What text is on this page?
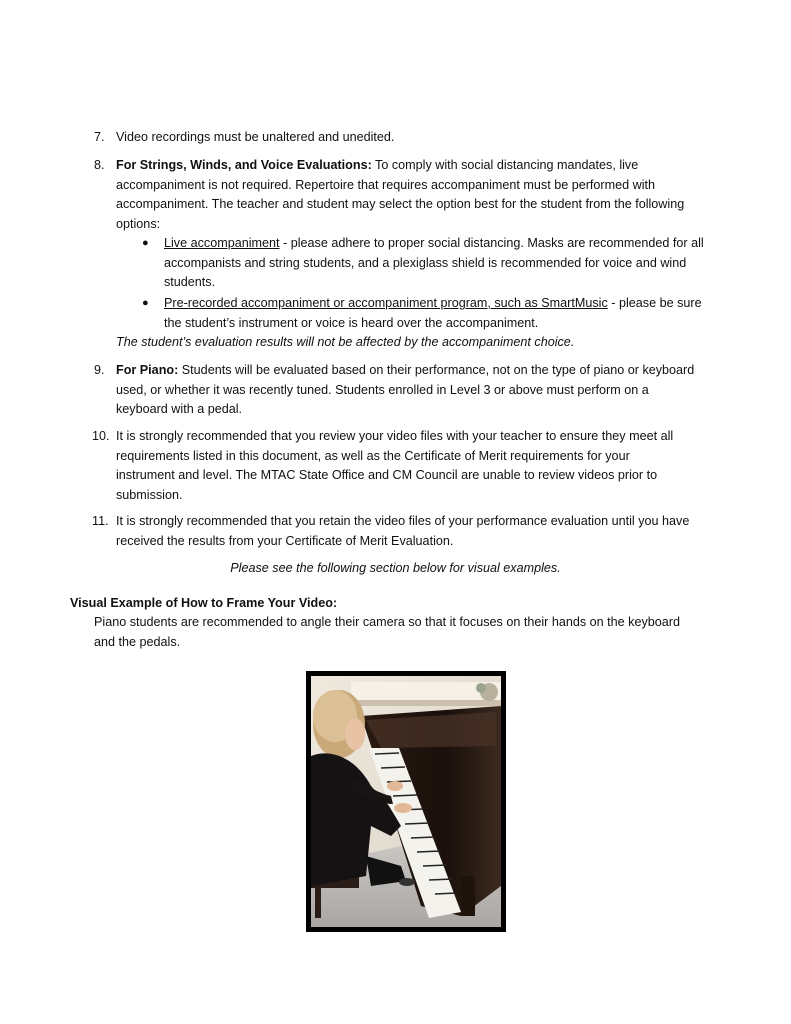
7. Video recordings must be unaltered and unedited.
8. For Strings, Winds, and Voice Evaluations: To comply with social distancing mandates, live
accompaniment is not required. Repertoire that requires accompaniment must be performed with
accompaniment. The teacher and student may select the option best for the student from the following
options:
● Live accompaniment - please adhere to proper social distancing. Masks are recommended for all
accompanists and string students, and a plexiglass shield is recommended for voice and wind
students.
● Pre-recorded accompaniment or accompaniment program, such as SmartMusic - please be sure
the student’s instrument or voice is heard over the accompaniment.
The student’s evaluation results will not be affected by the accompaniment choice.
9. For Piano: Students will be evaluated based on their performance, not on the type of piano or keyboard
used, or whether it was recently tuned. Students enrolled in Level 3 or above must perform on a
keyboard with a pedal.
10. It is strongly recommended that you review your video files with your teacher to ensure they meet all
requirements listed in this document, as well as the Certificate of Merit requirements for your
instrument and level. The MTAC State Office and CM Council are unable to review videos prior to
submission.
11. It is strongly recommended that you retain the video files of your performance evaluation until you have
received the results from your Certificate of Merit Evaluation.
Please see the following section below for visual examples.
Visual Example of How to Frame Your Video:
Piano students are recommended to angle their camera so that it focuses on their hands on the keyboard
and the pedals.
